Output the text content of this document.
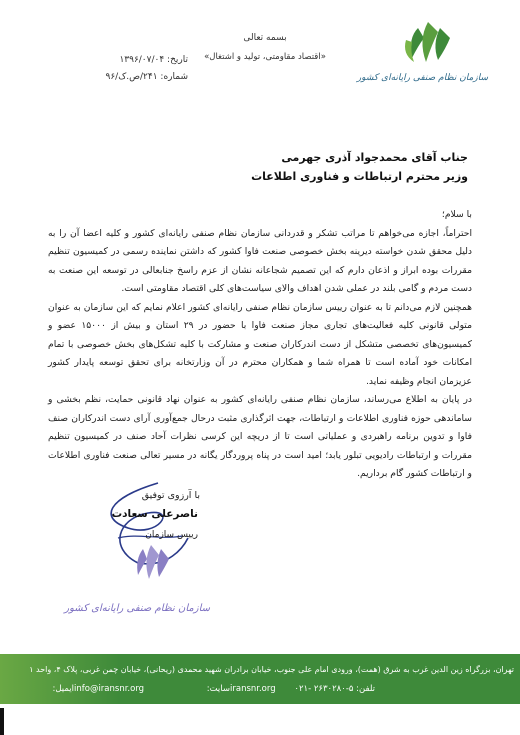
سازمان نظام صنفی رایانه‌ای کشور
بسمه تعالی
«اقتصاد مقاومتی، تولید و اشتغال»
تاریخ: ۱۳۹۶/۰۷/۰۴
شماره: ۲۴۱/ص.ک/۹۶
جناب آقای محمدجواد آذری جهرمی
وزیر محترم ارتباطات و فناوری اطلاعات

با سلام؛

احتراماً، اجازه می‌خواهم تا مراتب تشکر و قدردانی سازمان نظام صنفی رایانه‌ای کشور و کلیه اعضا آن را به دلیل محقق شدن خواسته دیرینه بخش خصوصی صنعت فاوا کشور که داشتن نماینده رسمی در کمیسیون تنظیم مقررات بوده ابراز و اذعان دارم که این تصمیم شجاعانه نشان از عزم راسخ جنابعالی در توسعه این صنعت به دست مردم و گامی بلند در عملی شدن اهداف والای سیاست‌های کلی اقتصاد مقاومتی است.

همچنین لازم می‌دانم تا به عنوان رییس سازمان نظام صنفی رایانه‌ای کشور اعلام نمایم که این سازمان به عنوان متولی قانونی کلیه فعالیت‌های تجاری مجاز صنعت فاوا با حضور در ۲۹ استان و بیش از ۱۵۰۰۰ عضو و کمیسیون‌های تخصصی متشکل از دست اندرکاران صنعت و مشارکت با کلیه تشکل‌های بخش خصوصی با تمام امکانات خود آماده است تا همراه شما و همکاران محترم در آن وزارتخانه برای تحقق توسعه پایدار کشور عزیزمان انجام وظیفه نماید.

در پایان به اطلاع می‌رساند، سازمان نظام صنفی رایانه‌ای کشور به عنوان نهاد قانونی حمایت، نظم بخشی و ساماندهی حوزه فناوری اطلاعات و ارتباطات، جهت اثرگذاری مثبت درحال جمع‌آوری آرای دست اندرکاران صنف فاوا و تدوین برنامه راهبردی و عملیاتی است تا از دریچه این کرسی نظرات آحاد صنف در کمیسیون تنظیم مقررات و ارتباطات رادیویی تبلور یابد؛ امید است در پناه پروردگار یگانه در مسیر تعالی صنعت فناوری اطلاعات و ارتباطات کشور گام برداریم.

با آرزوی توفیق
ناصرعلی سعادت
رییس سازمان
سازمان نظام صنفی رایانه‌ای کشور
تهران، بزرگراه زین الدین غرب به شرق (همت)، ورودی امام علی جنوب، خیابان برادران شهید محمدی (ریحانی)، خیابان چمن غربی، پلاک ۴، واحد ۱
تلفن: ۵-۲۶۳۰۲۸۰ -۰۲۱
سایت: iransnr.org
ایمیل: info@iransnr.org
